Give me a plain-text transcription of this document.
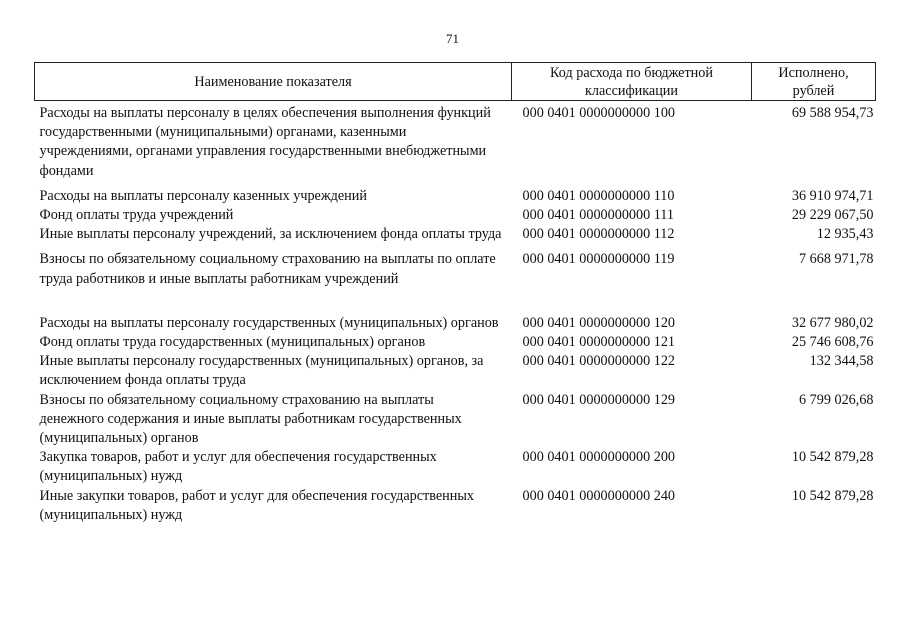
71
Наименование показателя	Код расхода по бюджетной классификации	Исполнено, рублей
Расходы на выплаты персоналу в целях обеспечения выполнения функций государственными (муниципальными) органами, казенными учреждениями, органами управления государственными внебюджетными фондами	000 0401 0000000000 100	69 588 954,73
Расходы на выплаты персоналу казенных учреждений	000 0401 0000000000 110	36 910 974,71
Фонд оплаты труда учреждений	000 0401 0000000000 111	29 229 067,50
Иные выплаты персоналу учреждений, за исключением фонда оплаты труда	000 0401 0000000000 112	12 935,43
Взносы по обязательному социальному страхованию на выплаты по оплате труда работников и иные выплаты работникам учреждений	000 0401 0000000000 119	7 668 971,78
Расходы на выплаты персоналу государственных (муниципальных) органов	000 0401 0000000000 120	32 677 980,02
Фонд оплаты труда государственных (муниципальных) органов	000 0401 0000000000 121	25 746 608,76
Иные выплаты персоналу государственных (муниципальных) органов, за исключением фонда оплаты труда	000 0401 0000000000 122	132 344,58
Взносы по обязательному социальному страхованию на выплаты денежного содержания и иные выплаты работникам государственных (муниципальных) органов	000 0401 0000000000 129	6 799 026,68
Закупка товаров, работ и услуг для обеспечения государственных (муниципальных) нужд	000 0401 0000000000 200	10 542 879,28
Иные закупки товаров, работ и услуг для обеспечения государственных (муниципальных) нужд	000 0401 0000000000 240	10 542 879,28
